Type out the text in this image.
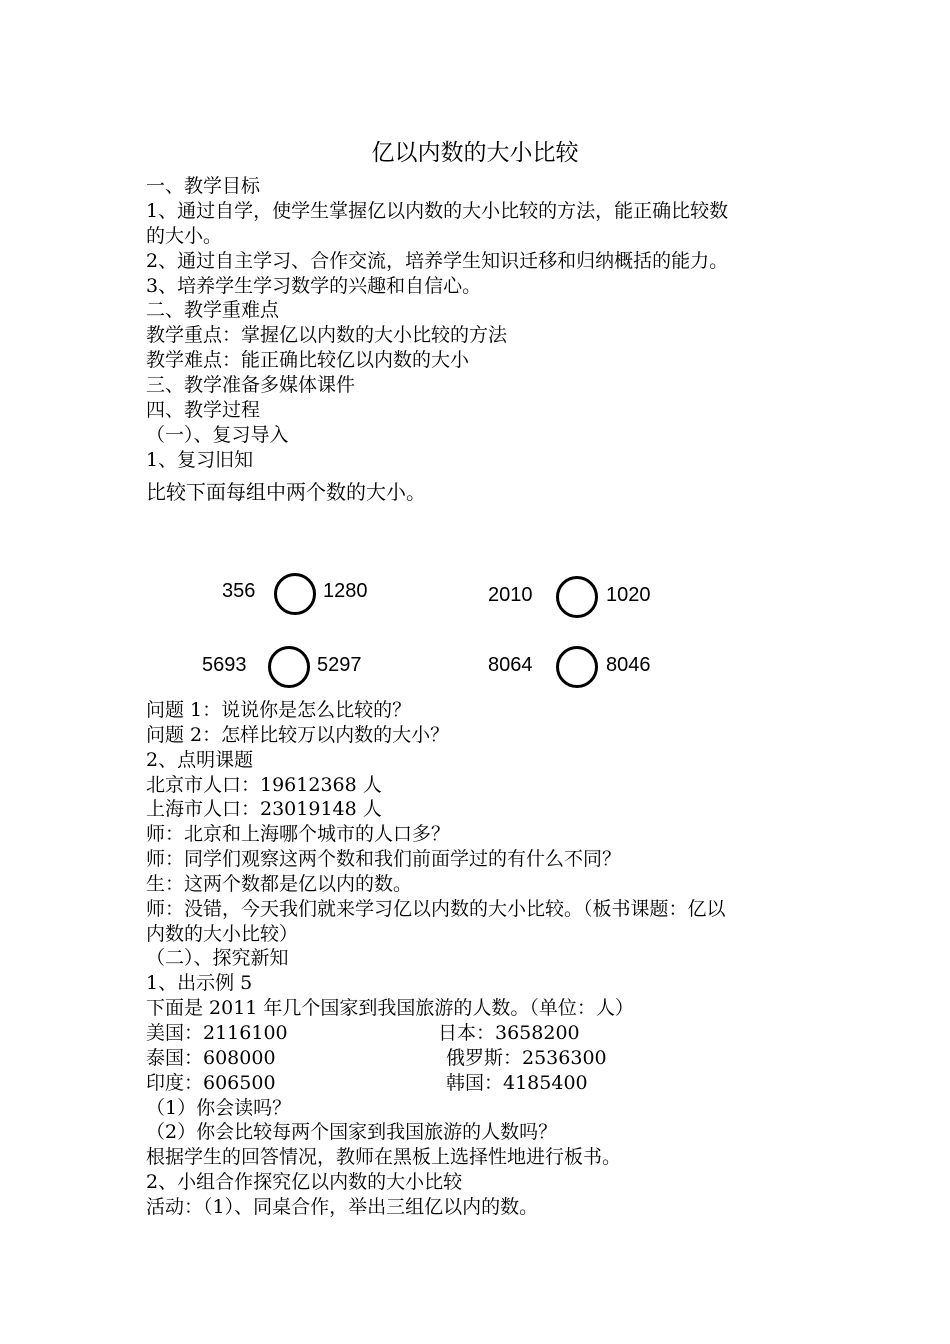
亿以内数的大小比较
一、教学目标
1、通过自学，使学生掌握亿以内数的大小比较的方法，能正确比较数
的大小。
2、通过自主学习、合作交流，培养学生知识迁移和归纳概括的能力。
3、培养学生学习数学的兴趣和自信心。
二、教学重难点
教学重点：掌握亿以内数的大小比较的方法
教学难点：能正确比较亿以内数的大小
三、教学准备多媒体课件
四、教学过程
（一）、复习导入
1、复习旧知
比较下面每组中两个数的大小。
356	1280	2010	1020
5693	5297	8064	8046
问题 1：说说你是怎么比较的？
问题 2：怎样比较万以内数的大小？
2、点明课题
北京市人口：19612368 人
上海市人口：23019148 人
师：北京和上海哪个城市的人口多？
师：同学们观察这两个数和我们前面学过的有什么不同？
生：这两个数都是亿以内的数。
师：没错，今天我们就来学习亿以内数的大小比较。（板书课题：亿以
内数的大小比较）
（二）、探究新知
1、出示例 5
下面是 2011 年几个国家到我国旅游的人数。（单位：人）
美国：2116100	日本：3658200
泰国：608000	俄罗斯：2536300
印度：606500	韩国：4185400
（1）你会读吗？
（2）你会比较每两个国家到我国旅游的人数吗？
根据学生的回答情况，教师在黑板上选择性地进行板书。
2、小组合作探究亿以内数的大小比较
活动：（1）、同桌合作，举出三组亿以内的数。
